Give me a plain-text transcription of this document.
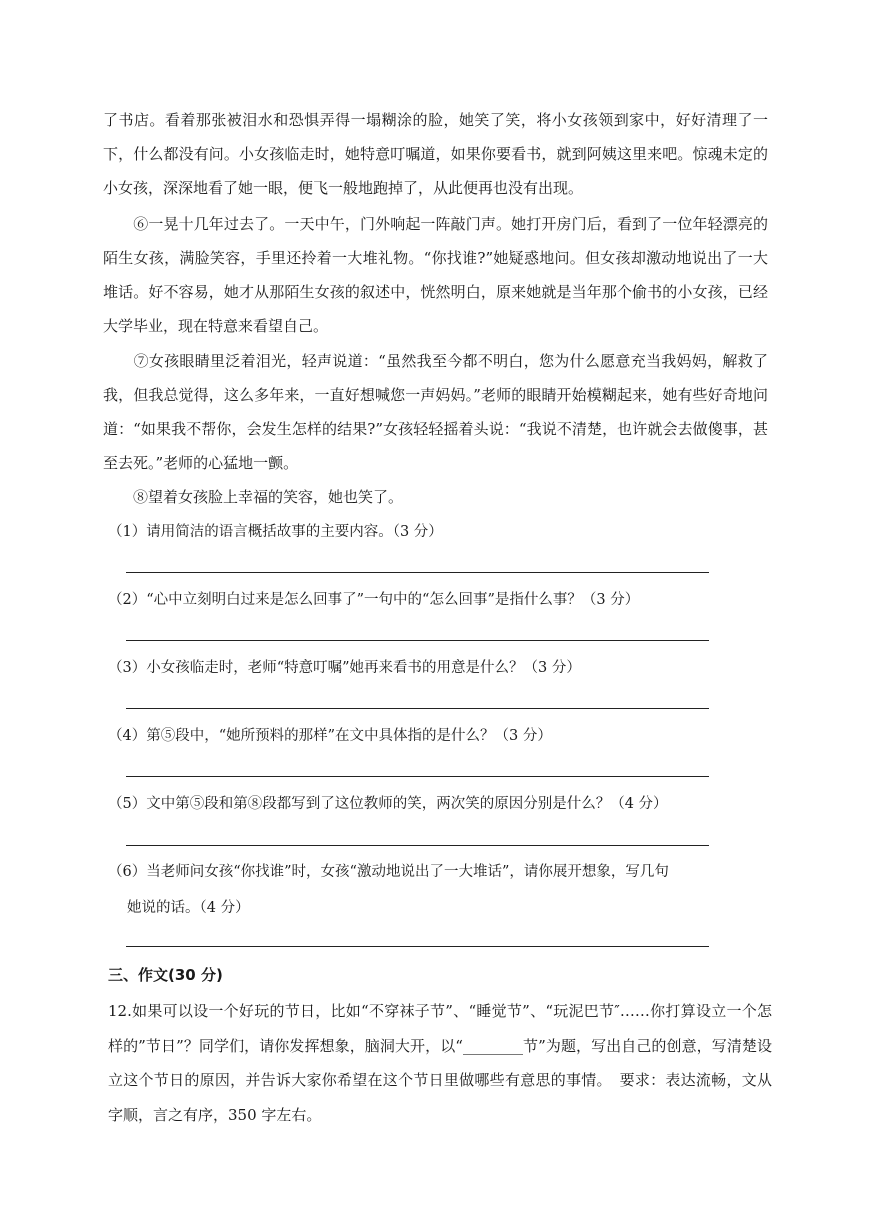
了书店。看着那张被泪水和恐惧弄得一塌糊涂的脸，她笑了笑，将小女孩领到家中，好好清理了一下，什么都没有问。小女孩临走时，她特意叮嘱道，如果你要看书，就到阿姨这里来吧。惊魂未定的小女孩，深深地看了她一眼，便飞一般地跑掉了，从此便再也没有出现。

　　⑥一晃十几年过去了。一天中午，门外响起一阵敲门声。她打开房门后，看到了一位年轻漂亮的陌生女孩，满脸笑容，手里还拎着一大堆礼物。“你找谁?”她疑惑地问。但女孩却激动地说出了一大堆话。好不容易，她才从那陌生女孩的叙述中，恍然明白，原来她就是当年那个偷书的小女孩，已经大学毕业，现在特意来看望自己。

　　⑦女孩眼睛里泛着泪光，轻声说道：“虽然我至今都不明白，您为什么愿意充当我妈妈，解救了我，但我总觉得，这么多年来，一直好想喊您一声妈妈。”老师的眼睛开始模糊起来，她有些好奇地问道：“如果我不帮你，会发生怎样的结果?”女孩轻轻摇着头说：“我说不清楚，也许就会去做傻事，甚至去死。”老师的心猛地一颤。

　　⑧望着女孩脸上幸福的笑容，她也笑了。

（1）请用简洁的语言概括故事的主要内容。（3 分）

（2）“心中立刻明白过来是怎么回事了”一句中的“怎么回事”是指什么事？（3 分）

（3）小女孩临走时，老师“特意叮嘱”她再来看书的用意是什么？（3 分）

（4）第⑤段中，“她所预料的那样”在文中具体指的是什么？（3 分）

（5）文中第⑤段和第⑧段都写到了这位教师的笑，两次笑的原因分别是什么？（4 分）

（6）当老师问女孩“你找谁”时，女孩“激动地说出了一大堆话”，请你展开想象，写几句

她说的话。（4 分）

三、作文(30 分)

12.如果可以设一个好玩的节日，比如“不穿袜子节”、“睡觉节”、“玩泥巴节″……你打算设立一个怎样的”节日”？同学们，请你发挥想象，脑洞大开，以“________节”为题，写出自己的创意，写清楚设立这个节日的原因，并告诉大家你希望在这个节日里做哪些有意思的事情。　要求：表达流畅，文从字顺，言之有序，350 字左右。
